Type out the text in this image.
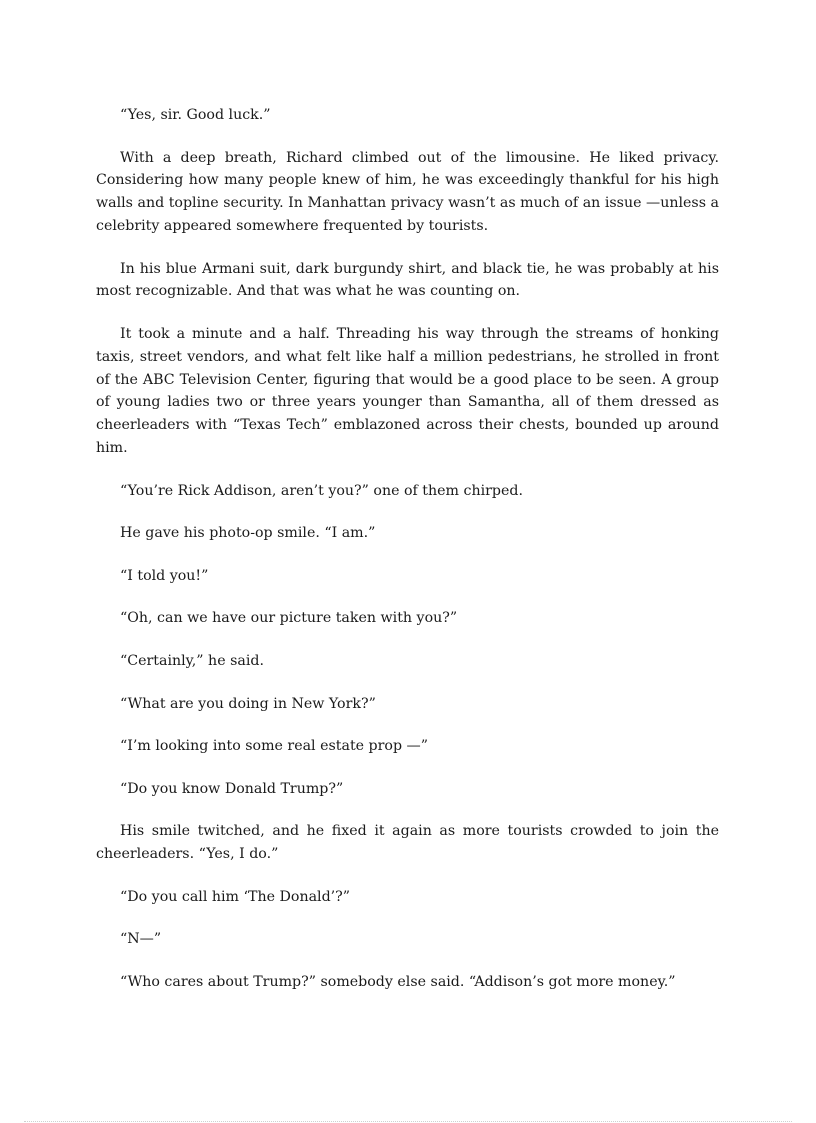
“Yes, sir. Good luck.”

With a deep breath, Richard climbed out of the limousine. He liked privacy. Considering how many people knew of him, he was exceedingly thankful for his high walls and topline security. In Manhattan privacy wasn’t as much of an issue —unless a celebrity appeared somewhere frequented by tourists.

In his blue Armani suit, dark burgundy shirt, and black tie, he was probably at his most recognizable. And that was what he was counting on.

It took a minute and a half. Threading his way through the streams of honking taxis, street vendors, and what felt like half a million pedestrians, he strolled in front of the ABC Television Center, figuring that would be a good place to be seen. A group of young ladies two or three years younger than Samantha, all of them dressed as cheerleaders with “Texas Tech” emblazoned across their chests, bounded up around him.

“You’re Rick Addison, aren’t you?” one of them chirped.

He gave his photo-op smile. “I am.”

“I told you!”

“Oh, can we have our picture taken with you?”

“Certainly,” he said.

“What are you doing in New York?”

“I’m looking into some real estate prop —”

“Do you know Donald Trump?”

His smile twitched, and he fixed it again as more tourists crowded to join the cheerleaders. “Yes, I do.”

“Do you call him ‘The Donald’?”

“N—”

“Who cares about Trump?” somebody else said. “Addison’s got more money.”
